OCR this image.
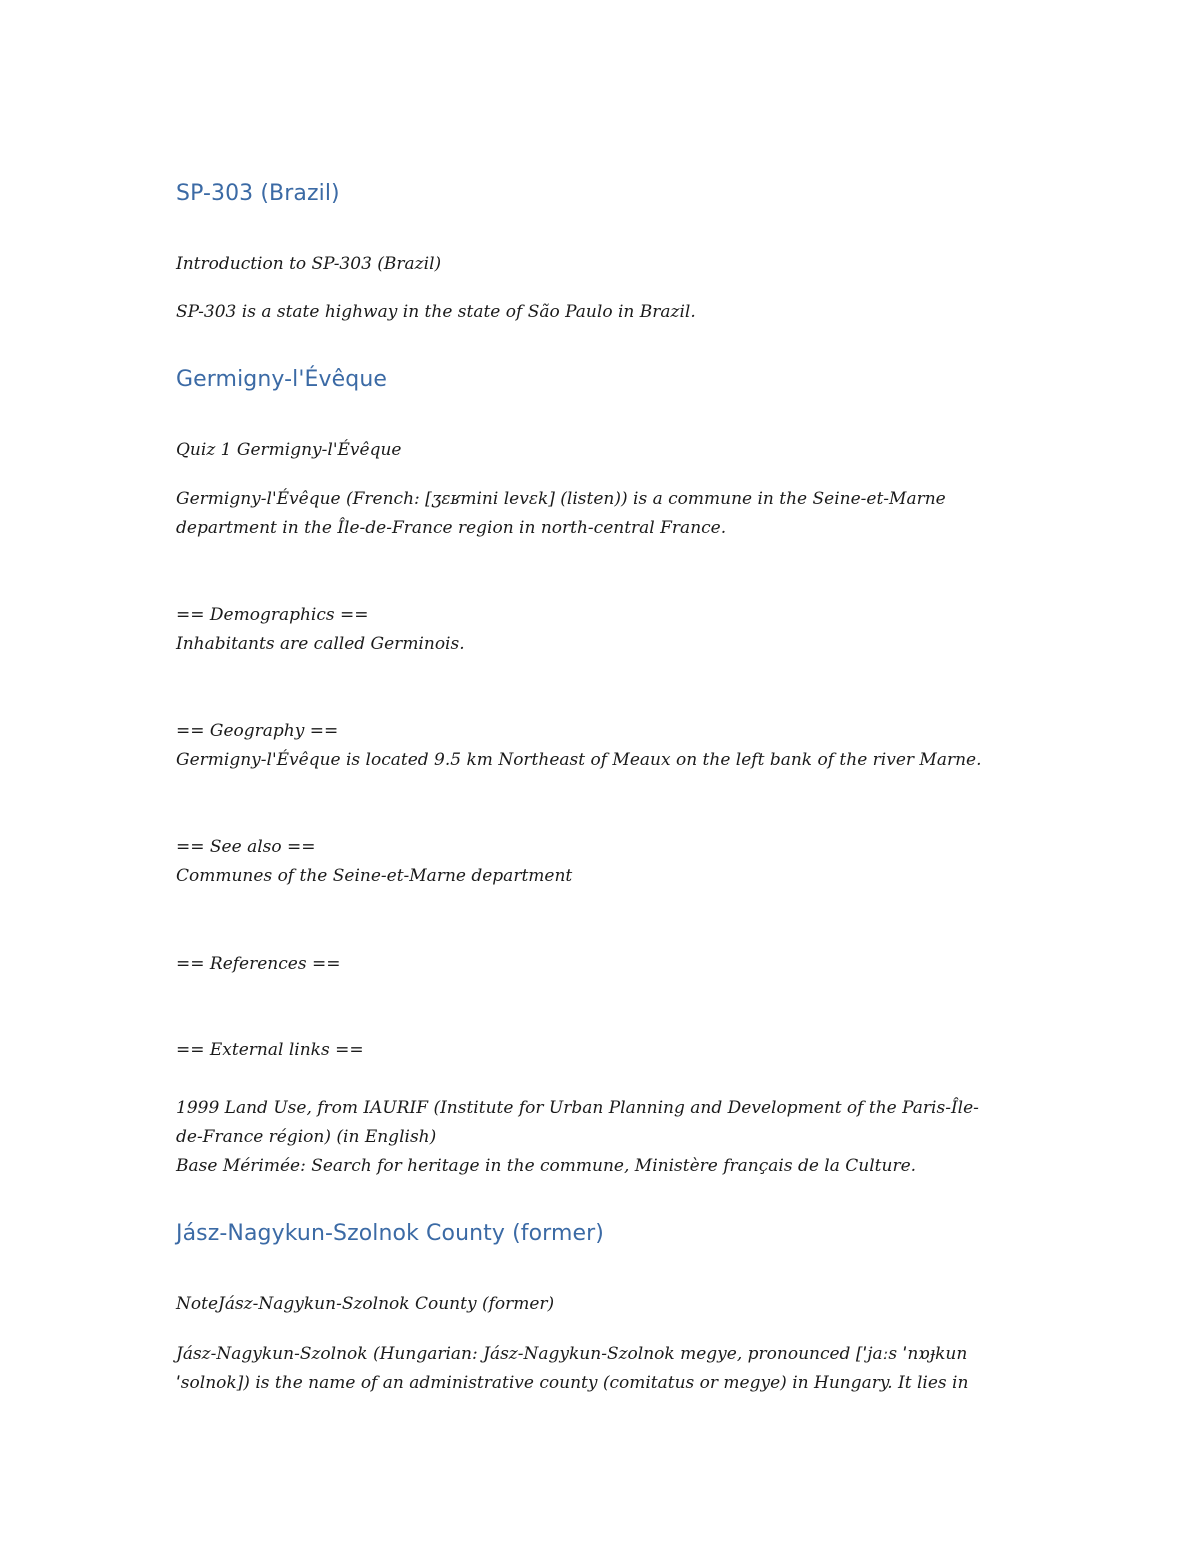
SP-303 (Brazil)

Introduction to SP-303 (Brazil)

SP-303 is a state highway in the state of São Paulo in Brazil.

Germigny-l'Évêque

Quiz 1 Germigny-l'Évêque

Germigny-l'Évêque (French: [ʒɛʁmini levɛk] (listen)) is a commune in the Seine-et-Marne

department in the Île-de-France region in north-central France.

== Demographics ==

Inhabitants are called Germinois.

== Geography ==

Germigny-l'Évêque is located 9.5 km Northeast of Meaux on the left bank of the river Marne.

== See also ==

Communes of the Seine-et-Marne department

== References ==

== External links ==

1999 Land Use, from IAURIF (Institute for Urban Planning and Development of the Paris-Île-

de-France région) (in English)

Base Mérimée: Search for heritage in the commune, Ministère français de la Culture.

Jász-Nagykun-Szolnok County (former)

NoteJász-Nagykun-Szolnok County (former)

Jász-Nagykun-Szolnok (Hungarian: Jász-Nagykun-Szolnok megye, pronounced [ˈjaːs ˈnɒɟkun

ˈsolnok]) is the name of an administrative county (comitatus or megye) in Hungary. It lies in
